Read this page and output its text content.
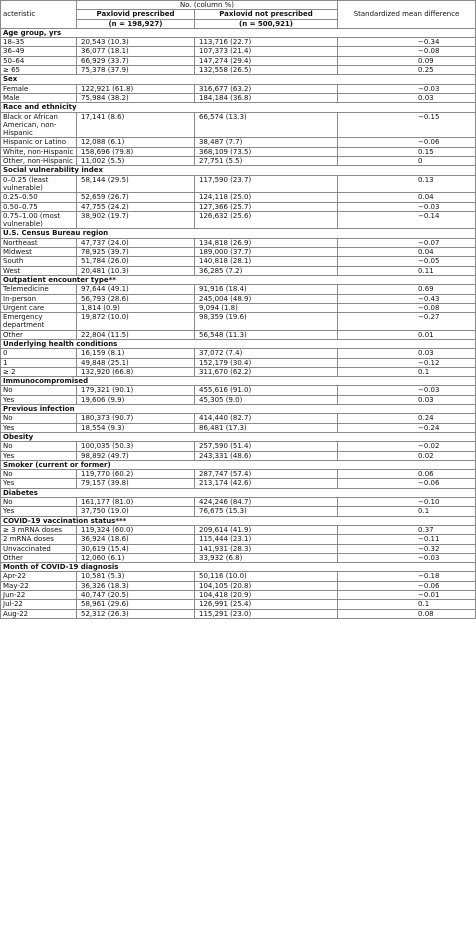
acteristic	No. (column %)		Standardized mean difference
	Paxlovid prescribed	Paxlovid not prescribed	
	(n = 198,927)	(n = 500,921)	
Age group, yrs			
18–35	20,543 (10.3)	113,716 (22.7)	−0.34
36–49	36,077 (18.1)	107,373 (21.4)	−0.08
50–64	66,929 (33.7)	147,274 (29.4)	0.09
≥ 65	75,378 (37.9)	132,558 (26.5)	0.25
Sex			
Female	122,921 (61.8)	316,677 (63.2)	−0.03
Male	75,984 (38.2)	184,184 (36.8)	0.03
Race and ethnicity			
Black or African American, non-Hispanic	17,141 (8.6)	66,574 (13.3)	−0.15
Hispanic or Latino	12,088 (6.1)	38,487 (7.7)	−0.06
White, non-Hispanic	158,696 (79.8)	368,109 (73.5)	0.15
Other, non-Hispanic	11,002 (5.5)	27,751 (5.5)	0
Social vulnerability index			
0–0.25 (least vulnerable)	58,144 (29.5)	117,590 (23.7)	0.13
0.25–0.50	52,659 (26.7)	124,118 (25.0)	0.04
0.50–0.75	47,755 (24.2)	127,366 (25.7)	−0.03
0.75–1.00 (most vulnerable)	38,902 (19.7)	126,632 (25.6)	−0.14
U.S. Census Bureau region			
Northeast	47,737 (24.0)	134,818 (26.9)	−0.07
Midwest	78,925 (39.7)	189,000 (37.7)	0.04
South	51,784 (26.0)	140,818 (28.1)	−0.05
West	20,481 (10.3)	36,285 (7.2)	0.11
Outpatient encounter type**			
Telemedicine	97,644 (49.1)	91,916 (18.4)	0.69
In-person	56,793 (28.6)	245,004 (48.9)	−0.43
Urgent care	1,814 (0.9)	9,094 (1.8)	−0.08
Emergency department	19,872 (10.0)	98,359 (19.6)	−0.27
Other	22,804 (11.5)	56,548 (11.3)	0.01
Underlying health conditions			
0	16,159 (8.1)	37,072 (7.4)	0.03
1	49,848 (25.1)	152,179 (30.4)	−0.12
≥ 2	132,920 (66.8)	311,670 (62.2)	0.1
Immunocompromised			
No	179,321 (90.1)	455,616 (91.0)	−0.03
Yes	19,606 (9.9)	45,305 (9.0)	0.03
Previous infection			
No	180,373 (90.7)	414,440 (82.7)	0.24
Yes	18,554 (9.3)	86,481 (17.3)	−0.24
Obesity			
No	100,035 (50.3)	257,590 (51.4)	−0.02
Yes	98,892 (49.7)	243,331 (48.6)	0.02
Smoker (current or former)			
No	119,770 (60.2)	287,747 (57.4)	0.06
Yes	79,157 (39.8)	213,174 (42.6)	−0.06
Diabetes			
No	161,177 (81.0)	424,246 (84.7)	−0.10
Yes	37,750 (19.0)	76,675 (15.3)	0.1
COVID-19 vaccination status***			
≥ 3 mRNA doses	119,324 (60.0)	209,614 (41.9)	0.37
2 mRNA doses	36,924 (18.6)	115,444 (23.1)	−0.11
Unvaccinated	30,619 (15.4)	141,931 (28.3)	−0.32
Other	12,060 (6.1)	33,932 (6.8)	−0.03
Month of COVID-19 diagnosis			
Apr-22	10,581 (5.3)	50,116 (10.0)	−0.18
May-22	36,326 (18.3)	104,105 (20.8)	−0.06
Jun-22	40,747 (20.5)	104,418 (20.9)	−0.01
Jul-22	58,961 (29.6)	126,991 (25.4)	0.1
Aug-22	52,312 (26.3)	115,291 (23.0)	0.08
